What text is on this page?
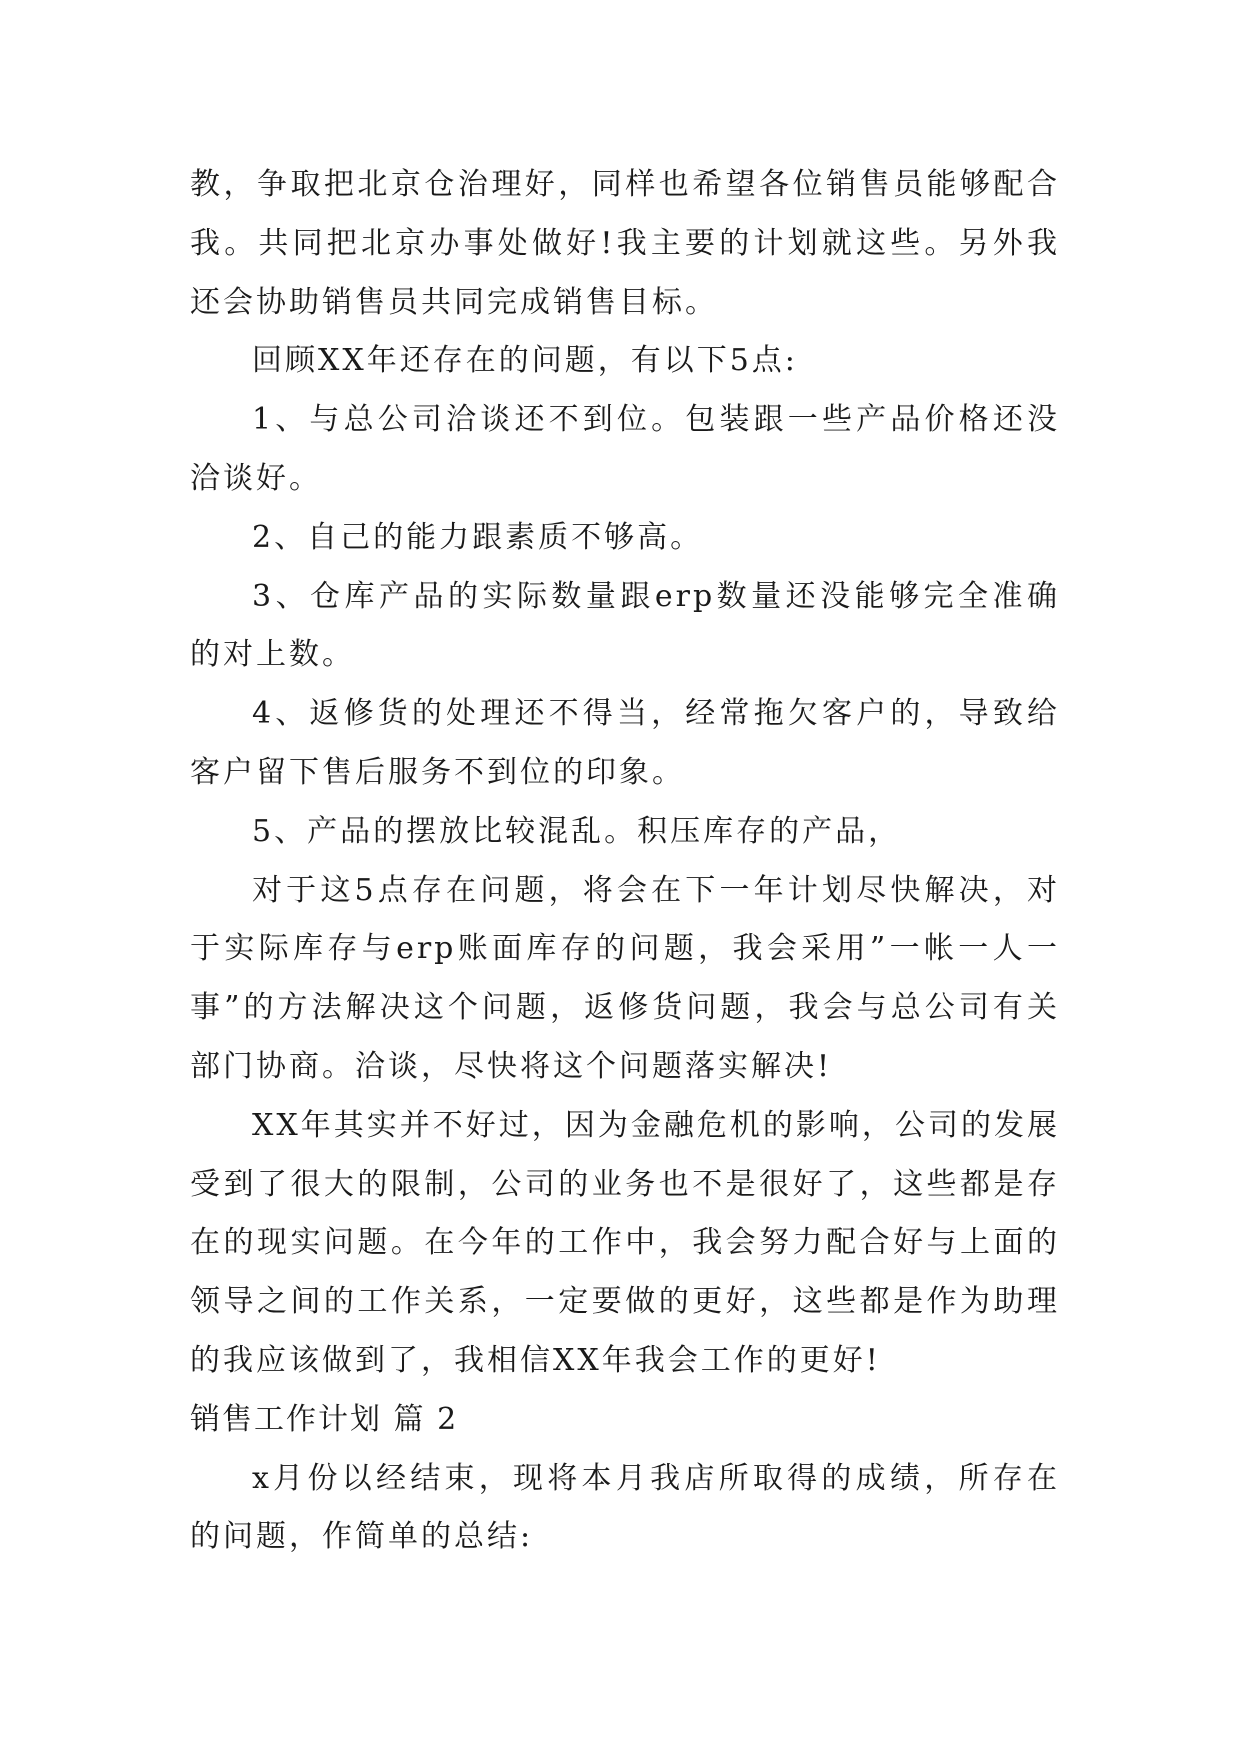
教，争取把北京仓治理好，同样也希望各位销售员能够配合我。共同把北京办事处做好!我主要的计划就这些。另外我还会协助销售员共同完成销售目标。

回顾XX年还存在的问题，有以下5点:

1、与总公司洽谈还不到位。包装跟一些产品价格还没洽谈好。

2、自己的能力跟素质不够高。

3、仓库产品的实际数量跟erp数量还没能够完全准确的对上数。

4、返修货的处理还不得当，经常拖欠客户的，导致给客户留下售后服务不到位的印象。

5、产品的摆放比较混乱。积压库存的产品，

对于这5点存在问题，将会在下一年计划尽快解决，对于实际库存与erp账面库存的问题，我会采用”一帐一人一事”的方法解决这个问题，返修货问题，我会与总公司有关部门协商。洽谈，尽快将这个问题落实解决!

XX年其实并不好过，因为金融危机的影响，公司的发展受到了很大的限制，公司的业务也不是很好了，这些都是存在的现实问题。在今年的工作中，我会努力配合好与上面的领导之间的工作关系，一定要做的更好，这些都是作为助理的我应该做到了，我相信XX年我会工作的更好!

销售工作计划 篇 2

x月份以经结束，现将本月我店所取得的成绩，所存在的问题，作简单的总结:
